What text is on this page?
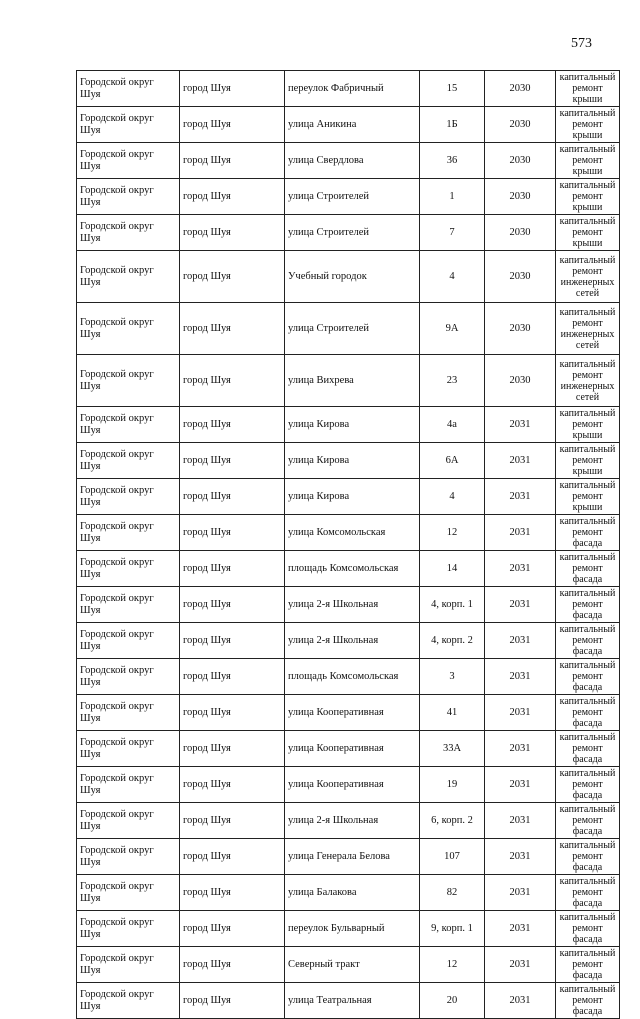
573
Городской округ Шуя	город Шуя	переулок Фабричный	15	2030	капитальный ремонт крыши
Городской округ Шуя	город Шуя	улица Аникина	1Б	2030	капитальный ремонт крыши
Городской округ Шуя	город Шуя	улица Свердлова	36	2030	капитальный ремонт крыши
Городской округ Шуя	город Шуя	улица Строителей	1	2030	капитальный ремонт крыши
Городской округ Шуя	город Шуя	улица Строителей	7	2030	капитальный ремонт крыши
Городской округ Шуя	город Шуя	Учебный городок	4	2030	капитальный ремонт инженерных сетей
Городской округ Шуя	город Шуя	улица Строителей	9А	2030	капитальный ремонт инженерных сетей
Городской округ Шуя	город Шуя	улица Вихрева	23	2030	капитальный ремонт инженерных сетей
Городской округ Шуя	город Шуя	улица Кирова	4а	2031	капитальный ремонт крыши
Городской округ Шуя	город Шуя	улица Кирова	6А	2031	капитальный ремонт крыши
Городской округ Шуя	город Шуя	улица Кирова	4	2031	капитальный ремонт крыши
Городской округ Шуя	город Шуя	улица Комсомольская	12	2031	капитальный ремонт фасада
Городской округ Шуя	город Шуя	площадь Комсомольская	14	2031	капитальный ремонт фасада
Городской округ Шуя	город Шуя	улица 2-я Школьная	4, корп. 1	2031	капитальный ремонт фасада
Городской округ Шуя	город Шуя	улица 2-я Школьная	4, корп. 2	2031	капитальный ремонт фасада
Городской округ Шуя	город Шуя	площадь Комсомольская	3	2031	капитальный ремонт фасада
Городской округ Шуя	город Шуя	улица Кооперативная	41	2031	капитальный ремонт фасада
Городской округ Шуя	город Шуя	улица Кооперативная	33А	2031	капитальный ремонт фасада
Городской округ Шуя	город Шуя	улица Кооперативная	19	2031	капитальный ремонт фасада
Городской округ Шуя	город Шуя	улица 2-я Школьная	6, корп. 2	2031	капитальный ремонт фасада
Городской округ Шуя	город Шуя	улица Генерала Белова	107	2031	капитальный ремонт фасада
Городской округ Шуя	город Шуя	улица Балакова	82	2031	капитальный ремонт фасада
Городской округ Шуя	город Шуя	переулок Бульварный	9, корп. 1	2031	капитальный ремонт фасада
Городской округ Шуя	город Шуя	Северный тракт	12	2031	капитальный ремонт фасада
Городской округ Шуя	город Шуя	улица Театральная	20	2031	капитальный ремонт фасада
